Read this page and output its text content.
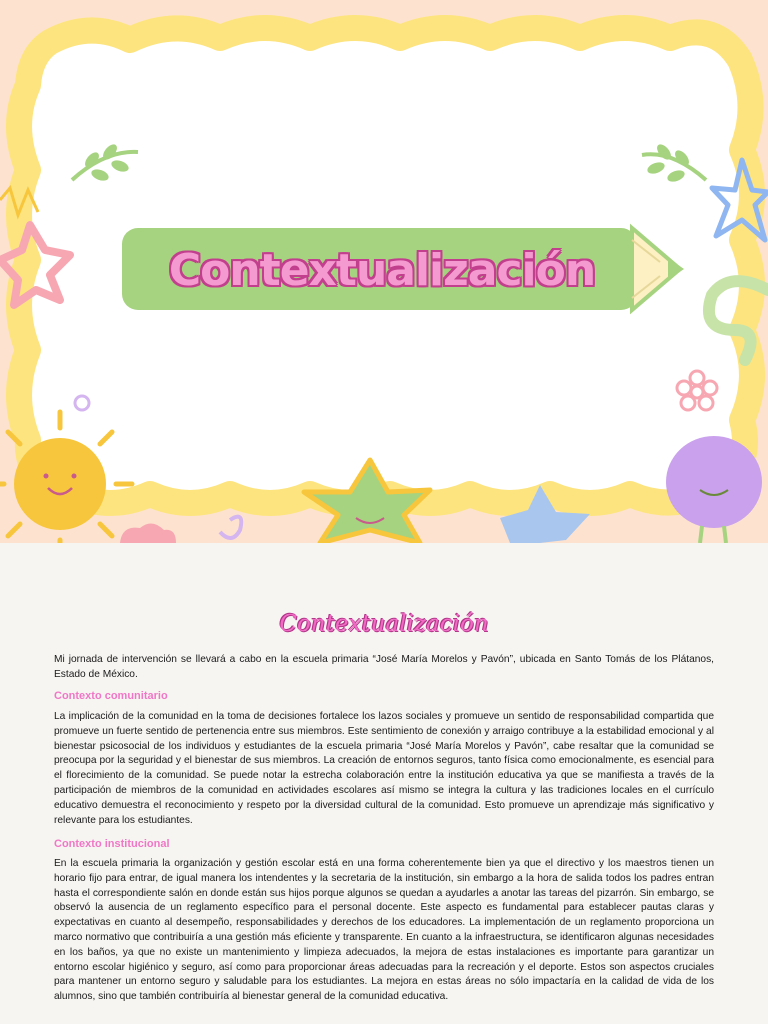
Contextualización
Contextualización

Mi jornada de intervención se llevará a cabo en la escuela primaria “José María Morelos y Pavón”, ubicada en Santo Tomás de los Plátanos, Estado de México.

Contexto comunitario

La implicación de la comunidad en la toma de decisiones fortalece los lazos sociales y promueve un sentido de responsabilidad compartida que promueve un fuerte sentido de pertenencia entre sus miembros. Este sentimiento de conexión y arraigo contribuye a la estabilidad emocional y al bienestar psicosocial de los individuos y estudiantes de la escuela primaria “José María Morelos y Pavón”, cabe resaltar que la comunidad se preocupa por la seguridad y el bienestar de sus miembros. La creación de entornos seguros, tanto física como emocionalmente, es esencial para el florecimiento de la comunidad. Se puede notar la estrecha colaboración entre la institución educativa ya que se manifiesta a través de la participación de miembros de la comunidad en actividades escolares así mismo se integra la cultura y las tradiciones locales en el currículo educativo demuestra el reconocimiento y respeto por la diversidad cultural de la comunidad. Esto promueve un aprendizaje más significativo y relevante para los estudiantes.

Contexto institucional

En la escuela primaria la organización y gestión escolar está en una forma coherentemente bien ya que el directivo y los maestros tienen un horario fijo para entrar, de igual manera los intendentes y la secretaria de la institución, sin embargo a la hora de salida todos los padres entran hasta el correspondiente salón en donde están sus hijos porque algunos se quedan a ayudarles a anotar las tareas del pizarrón. Sin embargo, se observó la ausencia de un reglamento específico para el personal docente. Este aspecto es fundamental para establecer pautas claras y expectativas en cuanto al desempeño, responsabilidades y derechos de los educadores. La implementación de un reglamento proporciona un marco normativo que contribuiría a una gestión más eficiente y transparente. En cuanto a la infraestructura, se identificaron algunas necesidades en los baños, ya que no existe un mantenimiento y limpieza adecuados, la mejora de estas instalaciones es importante para garantizar un entorno escolar higiénico y seguro, así como para proporcionar áreas adecuadas para la recreación y el deporte. Estos son aspectos cruciales para mantener un entorno seguro y saludable para los estudiantes. La mejora en estas áreas no sólo impactaría en la calidad de vida de los alumnos, sino que también contribuiría al bienestar general de la comunidad educativa.
